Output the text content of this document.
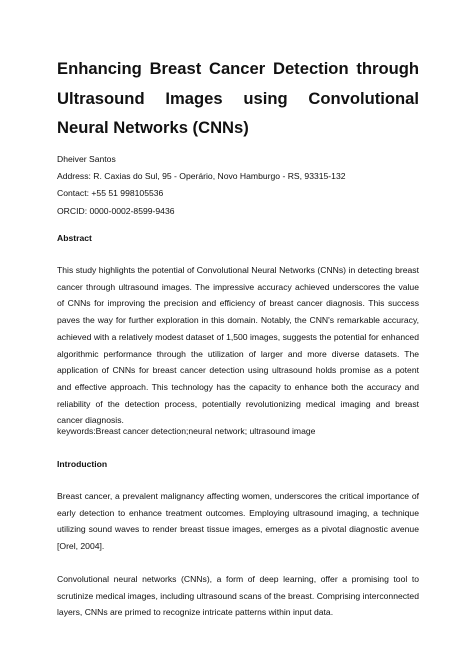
Enhancing Breast Cancer Detection through Ultrasound Images using Convolutional Neural Networks (CNNs)
Dheiver Santos
Address: R. Caxias do Sul, 95 - Operário, Novo Hamburgo - RS, 93315-132
Contact: +55 51 998105536
ORCID: 0000-0002-8599-9436
Abstract

This study highlights the potential of Convolutional Neural Networks (CNNs) in detecting breast cancer through ultrasound images. The impressive accuracy achieved underscores the value of CNNs for improving the precision and efficiency of breast cancer diagnosis. This success paves the way for further exploration in this domain. Notably, the CNN's remarkable accuracy, achieved with a relatively modest dataset of 1,500 images, suggests the potential for enhanced algorithmic performance through the utilization of larger and more diverse datasets. The application of CNNs for breast cancer detection using ultrasound holds promise as a potent and effective approach. This technology has the capacity to enhance both the accuracy and reliability of the detection process, potentially revolutionizing medical imaging and breast cancer diagnosis.

keywords:Breast cancer detection;neural network; ultrasound image
Introduction

Breast cancer, a prevalent malignancy affecting women, underscores the critical importance of early detection to enhance treatment outcomes. Employing ultrasound imaging, a technique utilizing sound waves to render breast tissue images, emerges as a pivotal diagnostic avenue [Orel, 2004].

Convolutional neural networks (CNNs), a form of deep learning, offer a promising tool to scrutinize medical images, including ultrasound scans of the breast. Comprising interconnected layers, CNNs are primed to recognize intricate patterns within input data.
